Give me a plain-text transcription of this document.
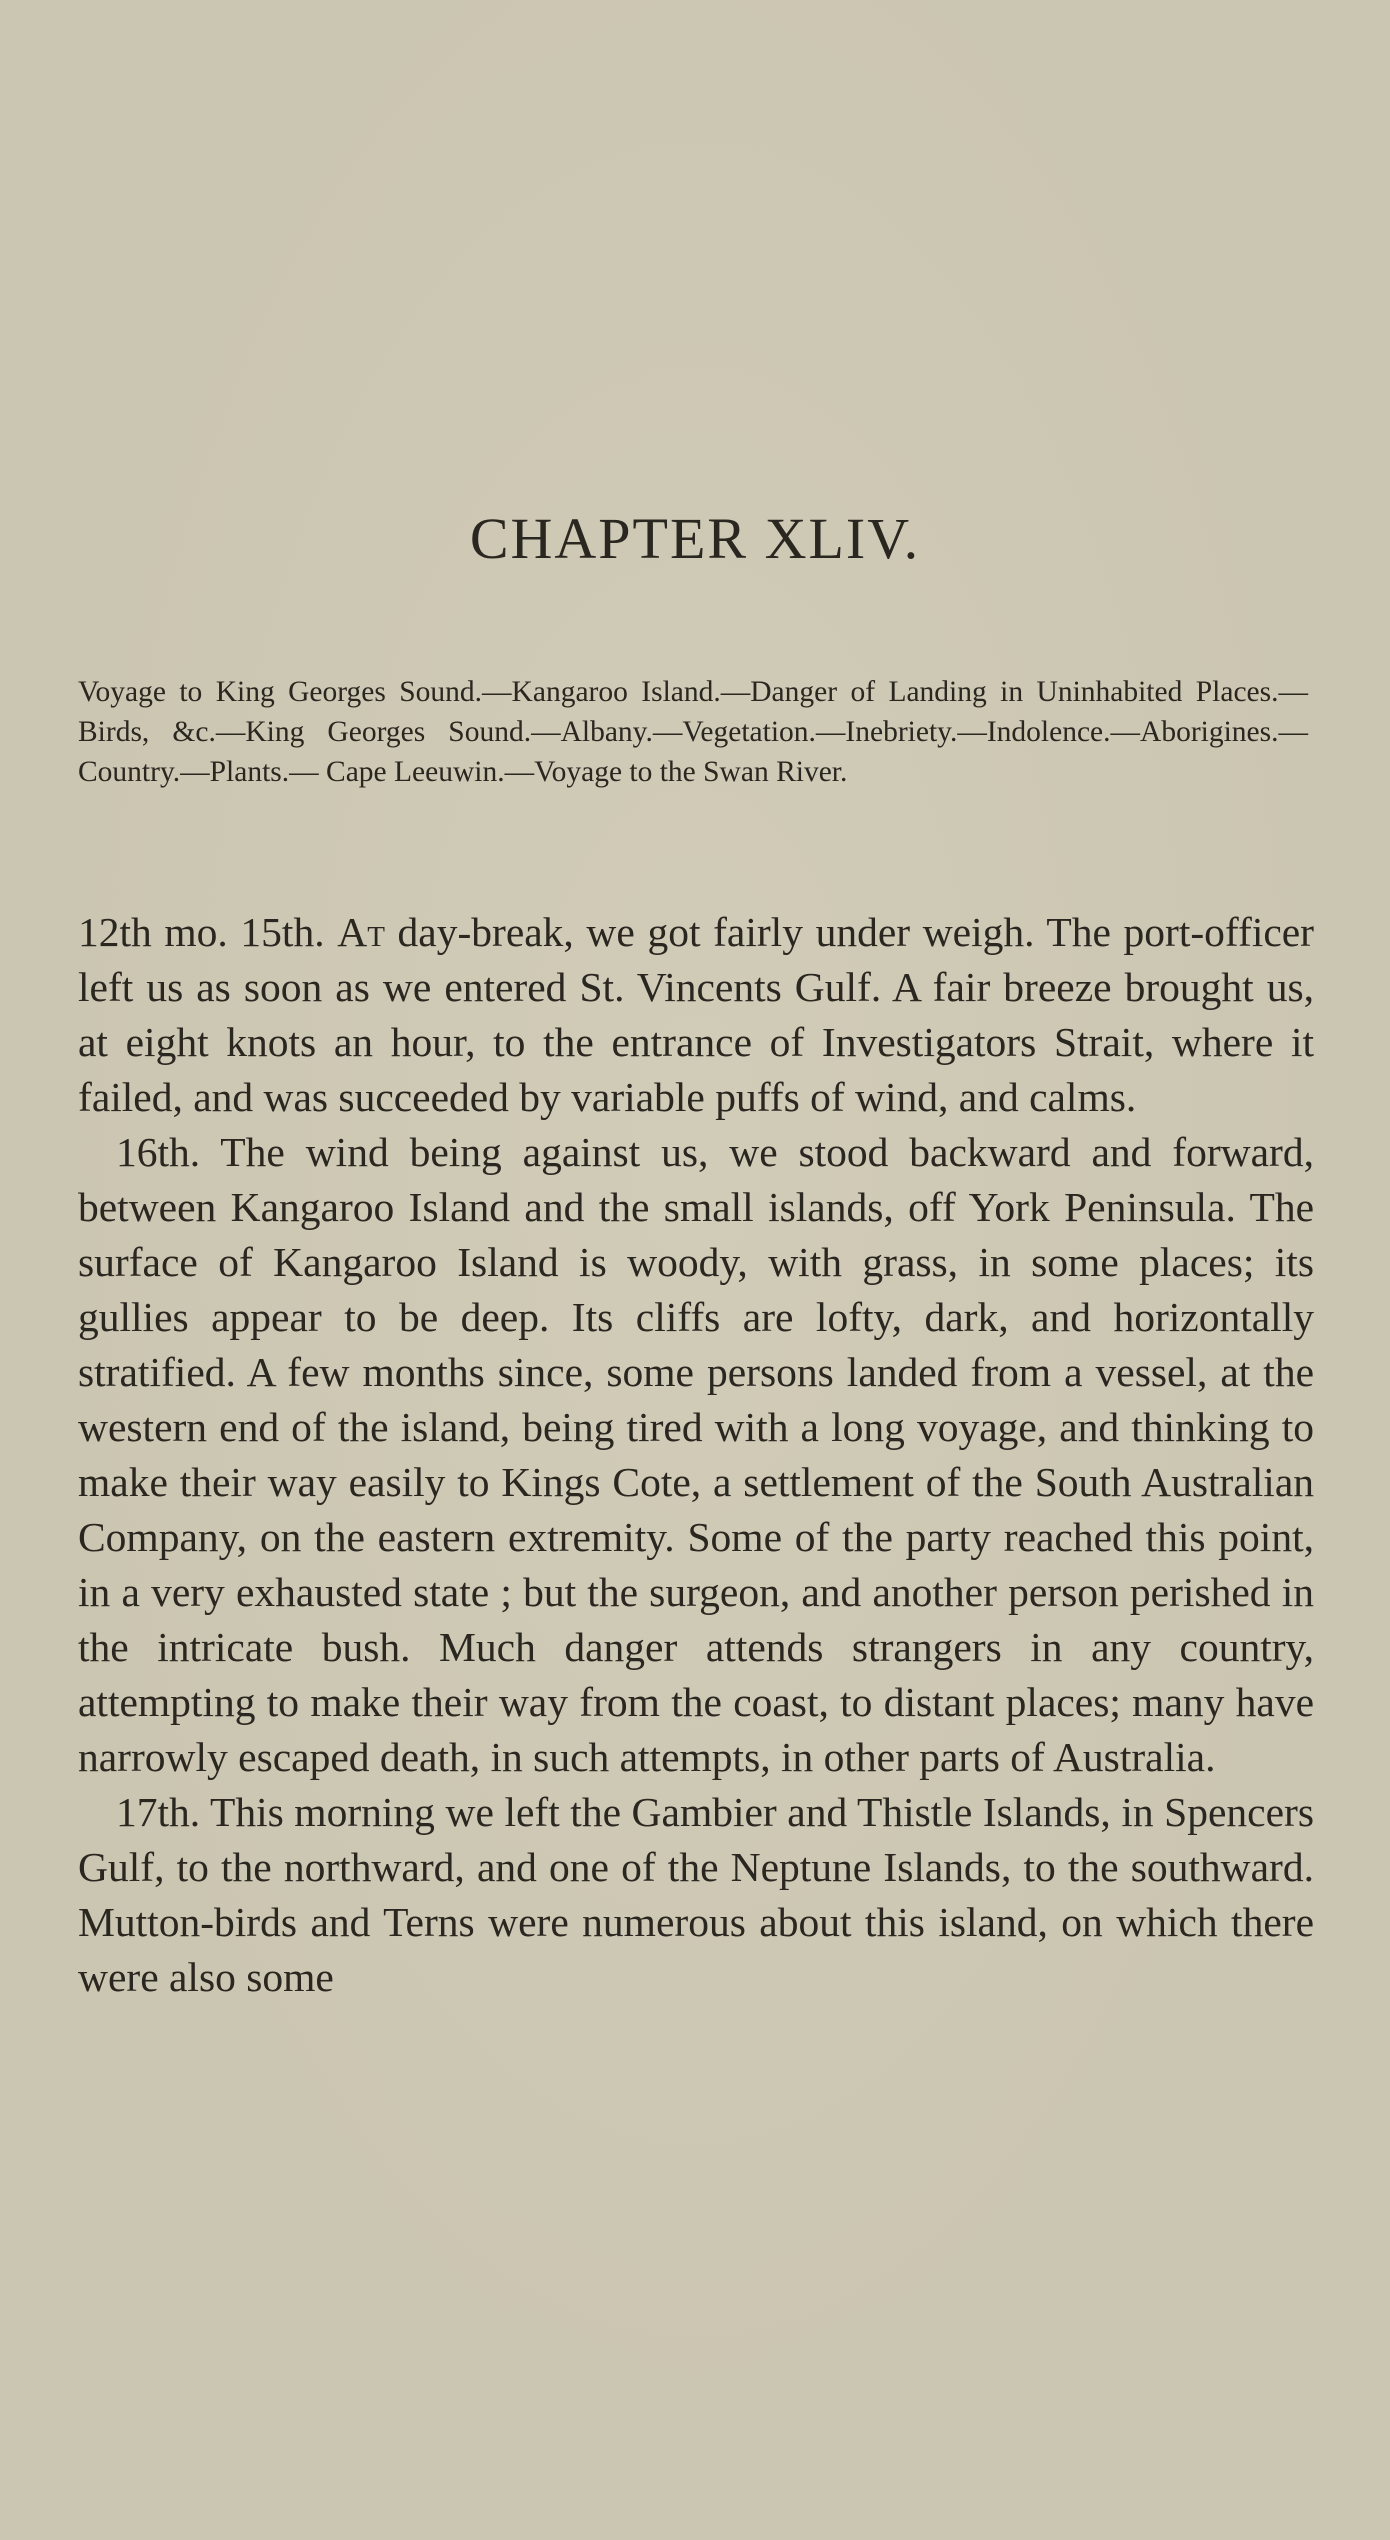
CHAPTER XLIV.

Voyage to King Georges Sound.—Kangaroo Island.—Danger of Landing in Uninhabited Places.—Birds, &c.—King Georges Sound.—Albany.—Vegetation.—Inebriety.—Indolence.—Aborigines.—Country.—Plants.— Cape Leeuwin.—Voyage to the Swan River.

12th mo. 15th. At day-break, we got fairly under weigh. The port-officer left us as soon as we entered St. Vincents Gulf. A fair breeze brought us, at eight knots an hour, to the entrance of Investigators Strait, where it failed, and was succeeded by variable puffs of wind, and calms.

16th. The wind being against us, we stood backward and forward, between Kangaroo Island and the small islands, off York Peninsula. The surface of Kangaroo Island is woody, with grass, in some places; its gullies appear to be deep. Its cliffs are lofty, dark, and horizontally stratified. A few months since, some persons landed from a vessel, at the western end of the island, being tired with a long voyage, and thinking to make their way easily to Kings Cote, a settlement of the South Australian Company, on the eastern extremity. Some of the party reached this point, in a very exhausted state ; but the surgeon, and another person perished in the intricate bush. Much danger attends strangers in any country, attempting to make their way from the coast, to distant places; many have narrowly escaped death, in such attempts, in other parts of Australia.

17th. This morning we left the Gambier and Thistle Islands, in Spencers Gulf, to the northward, and one of the Neptune Islands, to the southward. Mutton-birds and Terns were numerous about this island, on which there were also some
